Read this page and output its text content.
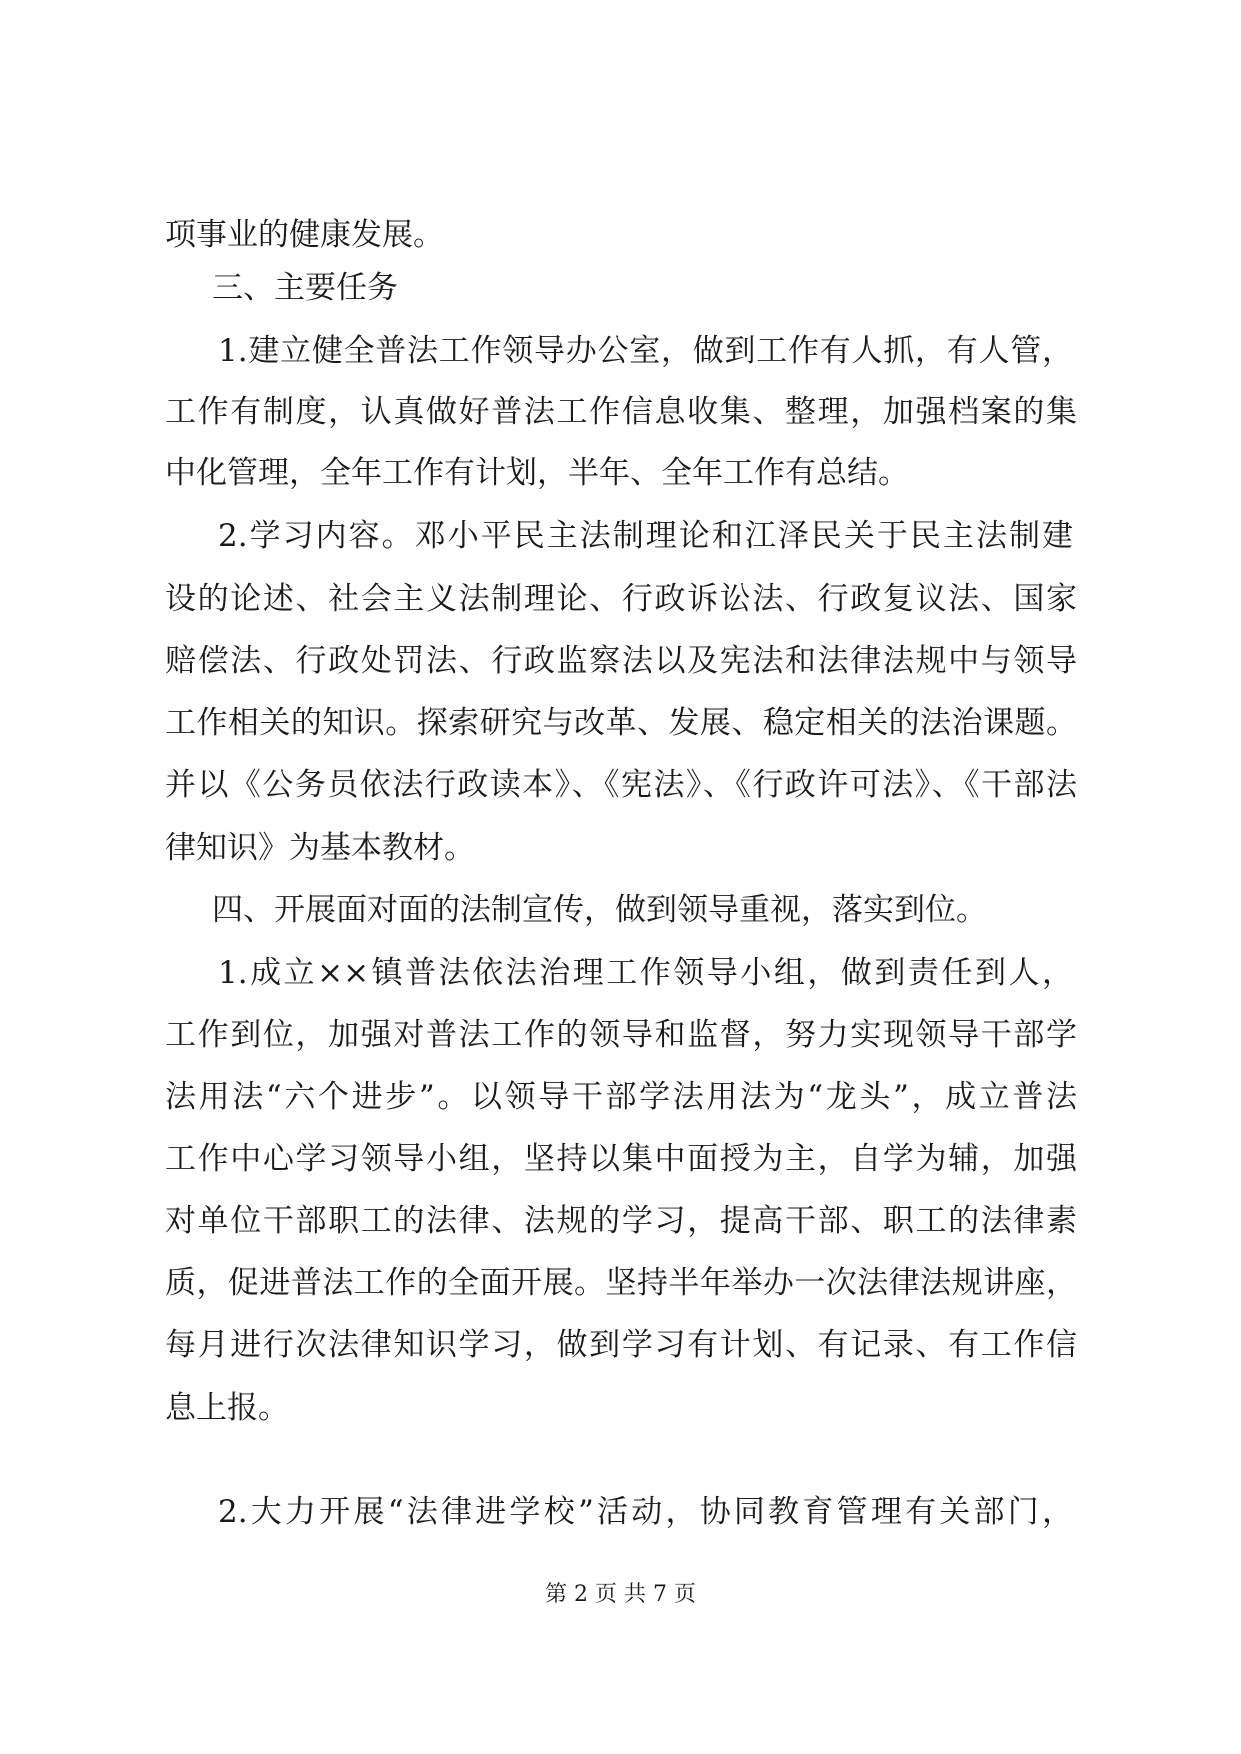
项事业的健康发展。
三、主要任务
1.建立健全普法工作领导办公室，做到工作有人抓，有人管，
工作有制度，认真做好普法工作信息收集、整理，加强档案的集
中化管理，全年工作有计划，半年、全年工作有总结。
2.学习内容。邓小平民主法制理论和江泽民关于民主法制建
设的论述、社会主义法制理论、行政诉讼法、行政复议法、国家
赔偿法、行政处罚法、行政监察法以及宪法和法律法规中与领导
工作相关的知识。探索研究与改革、发展、稳定相关的法治课题。
并以《公务员依法行政读本》、《宪法》、《行政许可法》、《干部法
律知识》为基本教材。
四、开展面对面的法制宣传，做到领导重视，落实到位。
1.成立××镇普法依法治理工作领导小组，做到责任到人，
工作到位，加强对普法工作的领导和监督，努力实现领导干部学
法用法“六个进步”。以领导干部学法用法为“龙头”，成立普法
工作中心学习领导小组，坚持以集中面授为主，自学为辅，加强
对单位干部职工的法律、法规的学习，提高干部、职工的法律素
质，促进普法工作的全面开展。坚持半年举办一次法律法规讲座，
每月进行次法律知识学习，做到学习有计划、有记录、有工作信
息上报。
2.大力开展“法律进学校”活动，协同教育管理有关部门，
第 2 页 共 7 页
